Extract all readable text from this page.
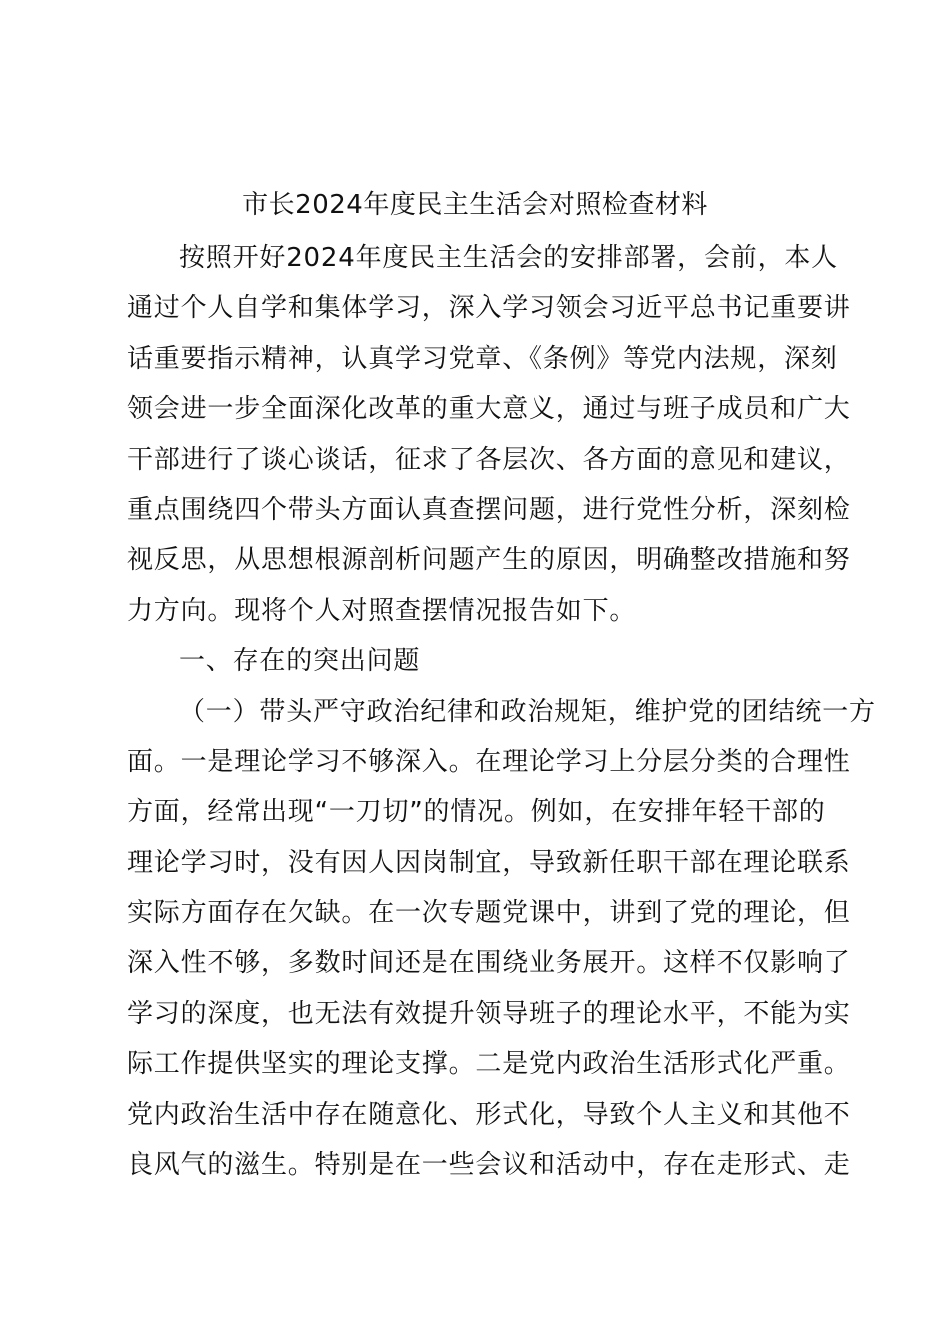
市长2024年度民主生活会对照检查材料
按照开好2024年度民主生活会的安排部署，会前，本人
通过个人自学和集体学习，深入学习领会习近平总书记重要讲
话重要指示精神，认真学习党章、《条例》等党内法规，深刻
领会进一步全面深化改革的重大意义，通过与班子成员和广大
干部进行了谈心谈话，征求了各层次、各方面的意见和建议，
重点围绕四个带头方面认真查摆问题，进行党性分析，深刻检
视反思，从思想根源剖析问题产生的原因，明确整改措施和努
力方向。现将个人对照查摆情况报告如下。
一、存在的突出问题
（一）带头严守政治纪律和政治规矩，维护党的团结统一方
面。一是理论学习不够深入。在理论学习上分层分类的合理性
方面，经常出现“一刀切”的情况。例如，在安排年轻干部的
理论学习时，没有因人因岗制宜，导致新任职干部在理论联系
实际方面存在欠缺。在一次专题党课中，讲到了党的理论，但
深入性不够，多数时间还是在围绕业务展开。这样不仅影响了
学习的深度，也无法有效提升领导班子的理论水平，不能为实
际工作提供坚实的理论支撑。二是党内政治生活形式化严重。
党内政治生活中存在随意化、形式化，导致个人主义和其他不
良风气的滋生。特别是在一些会议和活动中，存在走形式、走
